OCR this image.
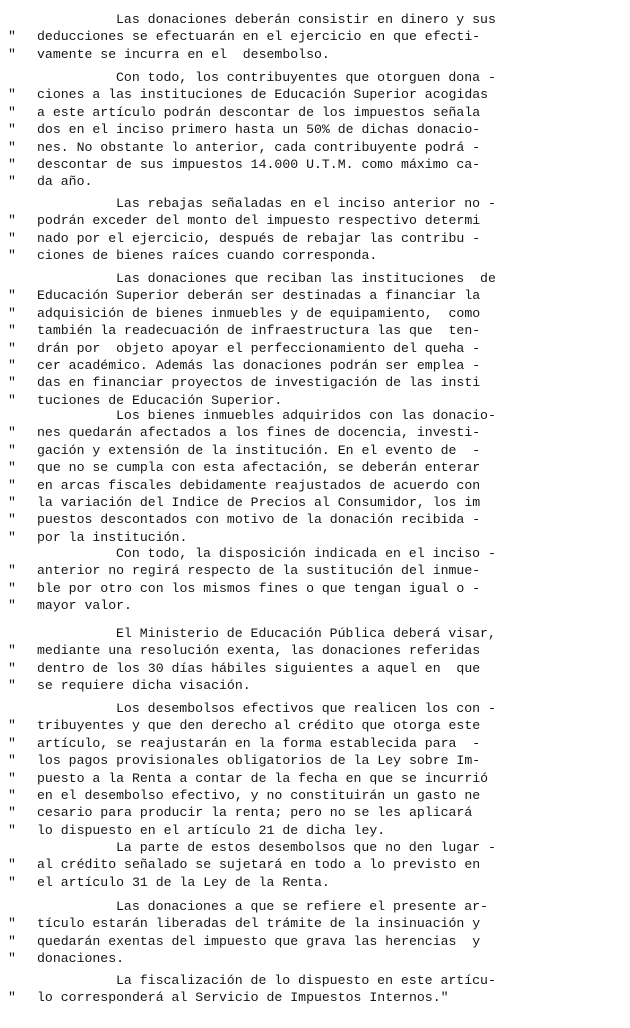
Las donaciones deberán consistir en dinero y sus
" deducciones se efectuarán en el ejercicio en que efecti-
" vamente se incurra en el  desembolso.
Con todo, los contribuyentes que otorguen dona -
" ciones a las instituciones de Educación Superior acogidas
" a este artículo podrán descontar de los impuestos señala
" dos en el inciso primero hasta un 50% de dichas donacio-
" nes. No obstante lo anterior, cada contribuyente podrá -
" descontar de sus impuestos 14.000 U.T.M. como máximo ca-
" da año.
Las rebajas señaladas en el inciso anterior no -
" podrán exceder del monto del impuesto respectivo determi
" nado por el ejercicio, después de rebajar las contribu -
" ciones de bienes raíces cuando corresponda.
Las donaciones que reciban las instituciones  de
" Educación Superior deberán ser destinadas a financiar la
" adquisición de bienes inmuebles y de equipamiento,  como
" también la readecuación de infraestructura las que  ten-
" drán por  objeto apoyar el perfeccionamiento del queha -
" cer académico. Además las donaciones podrán ser emplea -
" das en financiar proyectos de investigación de las insti
" tuciones de Educación Superior.
Los bienes inmuebles adquiridos con las donacio-
" nes quedarán afectados a los fines de docencia, investi-
" gación y extensión de la institución. En el evento de  -
" que no se cumpla con esta afectación, se deberán enterar
" en arcas fiscales debidamente reajustados de acuerdo con
" la variación del Indice de Precios al Consumidor, los im
" puestos descontados con motivo de la donación recibida -
" por la institución.
Con todo, la disposición indicada en el inciso -
" anterior no regirá respecto de la sustitución del inmue-
" ble por otro con los mismos fines o que tengan igual o -
" mayor valor.
El Ministerio de Educación Pública deberá visar,
" mediante una resolución exenta, las donaciones referidas
" dentro de los 30 días hábiles siguientes a aquel en  que
" se requiere dicha visación.
Los desembolsos efectivos que realicen los con -
" tribuyentes y que den derecho al crédito que otorga este
" artículo, se reajustarán en la forma establecida para  -
" los pagos provisionales obligatorios de la Ley sobre Im-
" puesto a la Renta a contar de la fecha en que se incurrió
" en el desembolso efectivo, y no constituirán un gasto ne
" cesario para producir la renta; pero no se les aplicará
" lo dispuesto en el artículo 21 de dicha ley.
La parte de estos desembolsos que no den lugar -
" al crédito señalado se sujetará en todo a lo previsto en
" el artículo 31 de la Ley de la Renta.
Las donaciones a que se refiere el presente ar-
" tículo estarán liberadas del trámite de la insinuación y
" quedarán exentas del impuesto que grava las herencias  y
" donaciones.
La fiscalización de lo dispuesto en este artícu-
" lo corresponderá al Servicio de Impuestos Internos."
